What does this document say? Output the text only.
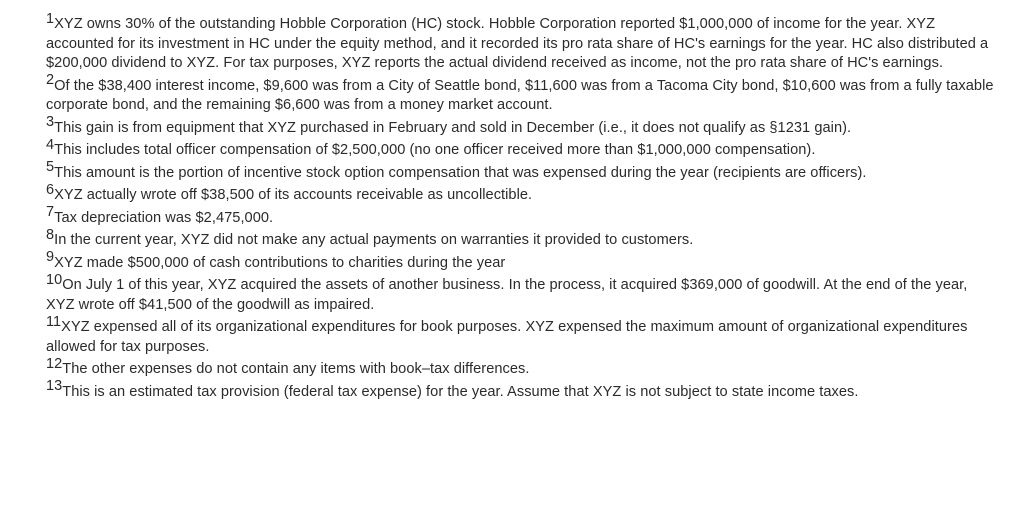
$^1$XYZ owns 30% of the outstanding Hobble Corporation (HC) stock. Hobble Corporation reported $1,000,000 of income for the year. XYZ accounted for its investment in HC under the equity method, and it recorded its pro rata share of HC's earnings for the year. HC also distributed a $200,000 dividend to XYZ. For tax purposes, XYZ reports the actual dividend received as income, not the pro rata share of HC's earnings.

$^2$Of the $38,400 interest income, $9,600 was from a City of Seattle bond, $11,600 was from a Tacoma City bond, $10,600 was from a fully taxable corporate bond, and the remaining $6,600 was from a money market account.

$^3$This gain is from equipment that XYZ purchased in February and sold in December (i.e., it does not qualify as §1231 gain).

$^4$This includes total officer compensation of $2,500,000 (no one officer received more than $1,000,000 compensation).

$^5$This amount is the portion of incentive stock option compensation that was expensed during the year (recipients are officers).

$^6$XYZ actually wrote off $38,500 of its accounts receivable as uncollectible.

$^7$Tax depreciation was $2,475,000.

$^8$In the current year, XYZ did not make any actual payments on warranties it provided to customers.

$^9$XYZ made $500,000 of cash contributions to charities during the year

$^{10}$On July 1 of this year, XYZ acquired the assets of another business. In the process, it acquired $369,000 of goodwill. At the end of the year, XYZ wrote off $41,500 of the goodwill as impaired.

$^{11}$XYZ expensed all of its organizational expenditures for book purposes. XYZ expensed the maximum amount of organizational expenditures allowed for tax purposes.

$^{12}$The other expenses do not contain any items with book–tax differences.

$^{13}$This is an estimated tax provision (federal tax expense) for the year. Assume that XYZ is not subject to state income taxes.
